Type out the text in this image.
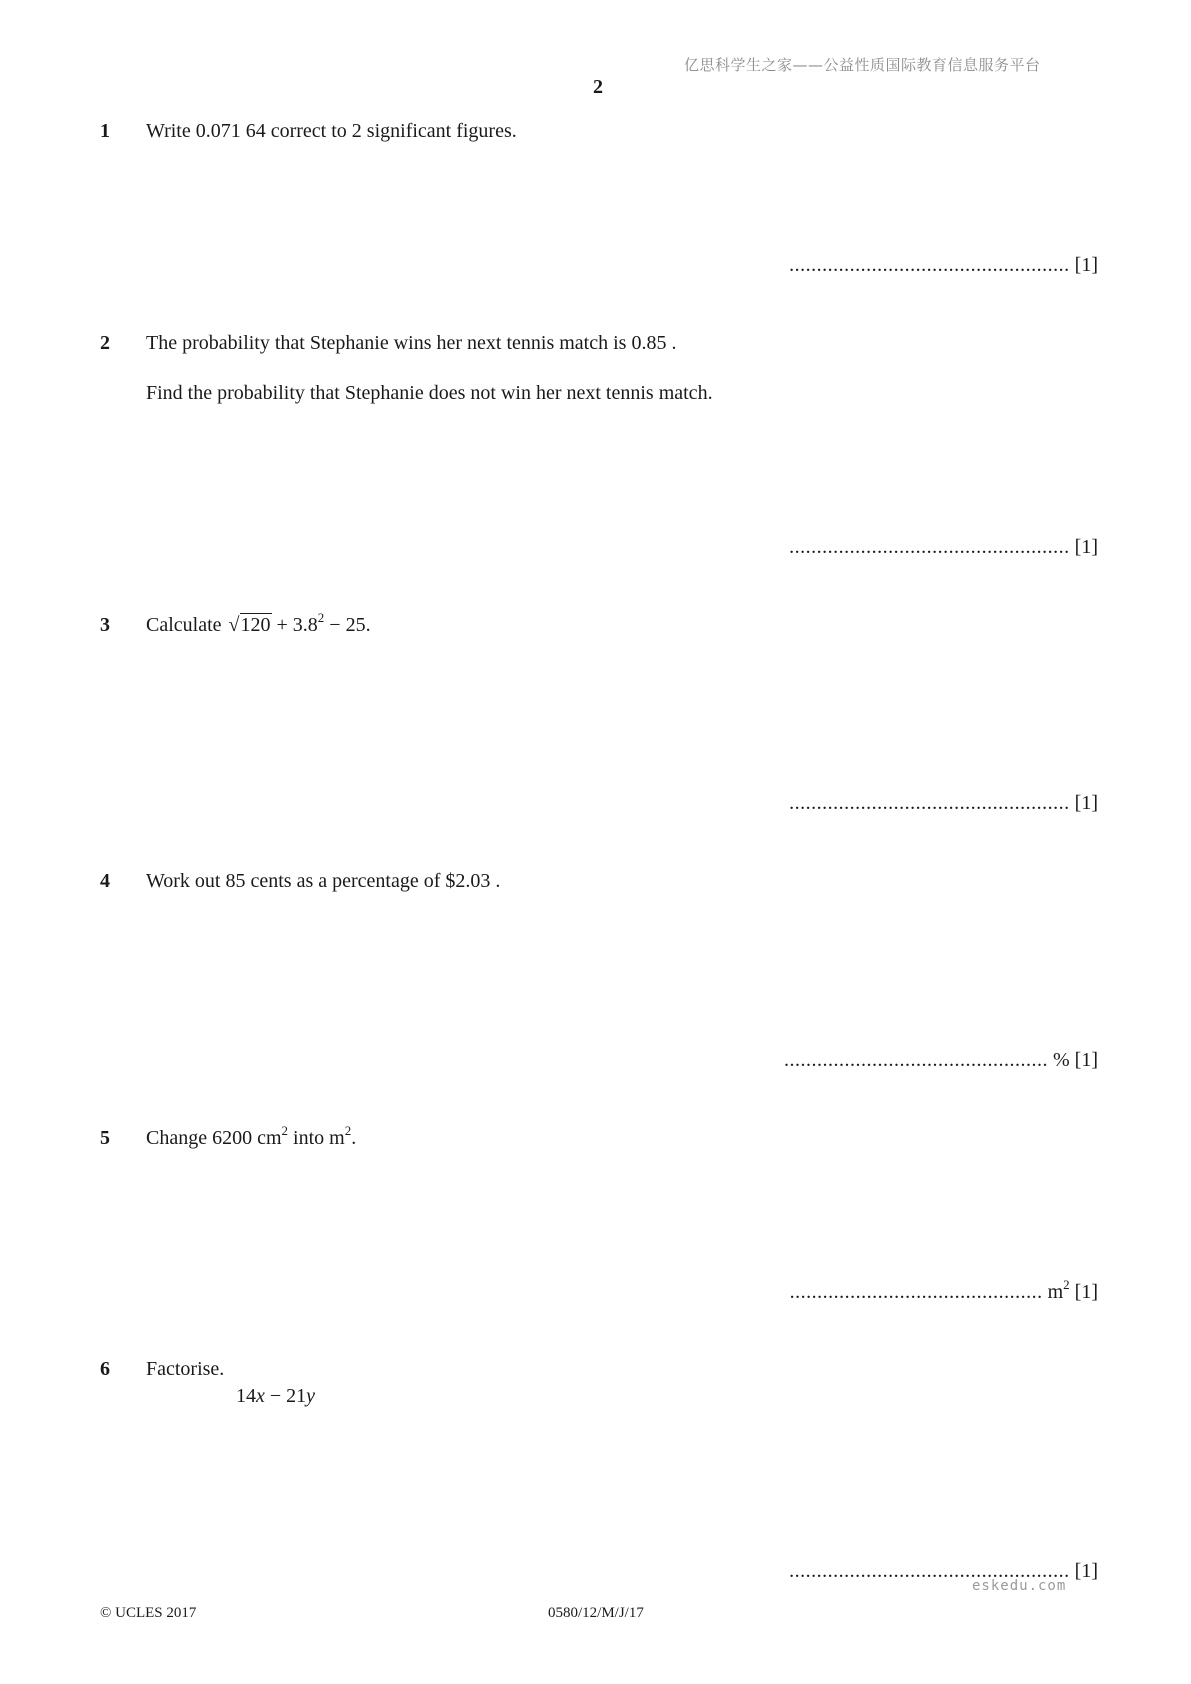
亿思科学生之家——公益性质国际教育信息服务平台
2
1 Write 0.071 64 correct to 2 significant figures.
................................................... [1]
2 The probability that Stephanie wins her next tennis match is 0.85 .
Find the probability that Stephanie does not win her next tennis match.
................................................... [1]
3 Calculate $√120 + 3.8^2 - 25$.
................................................... [1]
4 Work out 85 cents as a percentage of $2.03 .
................................................ % [1]
5 Change 6200 $cm^2$ into $m^2$.
.............................................. $m^2$ [1]
6 Factorise.
14x − 21y
................................................... [1]
eskedu.com
© UCLES 2017	0580/12/M/J/17
